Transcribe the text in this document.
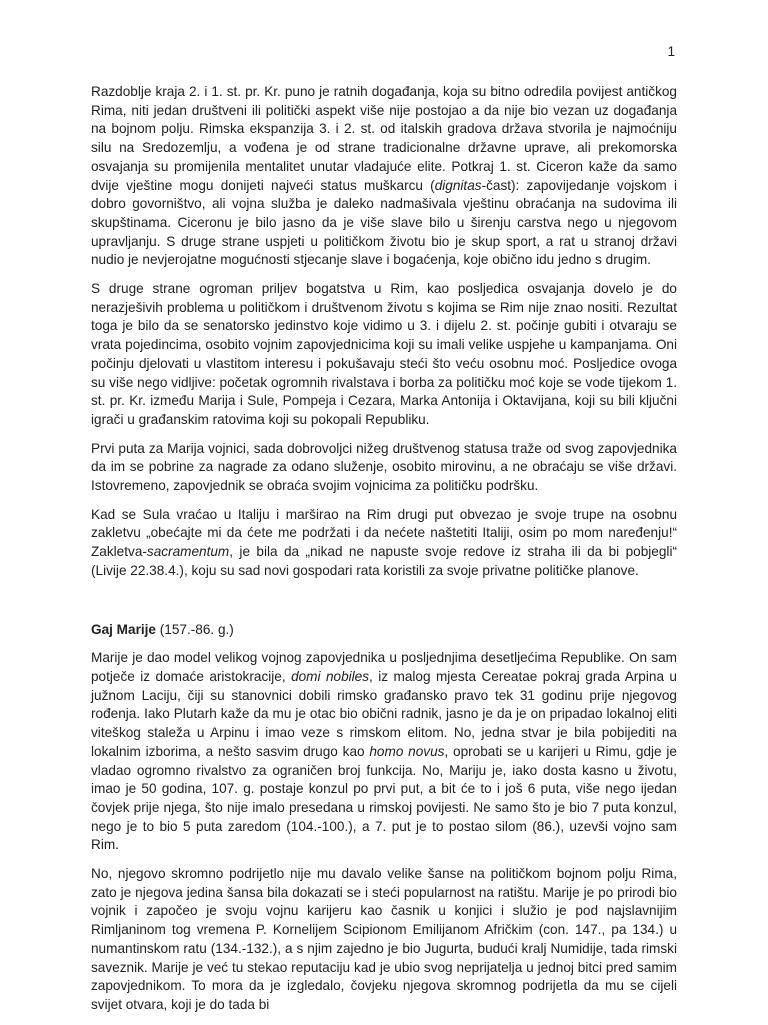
1

Razdoblje kraja 2. i 1. st. pr. Kr. puno je ratnih događanja, koja su bitno odredila povijest antičkog Rima, niti jedan društveni ili politički aspekt više nije postojao a da nije bio vezan uz događanja na bojnom polju. Rimska ekspanzija 3. i 2. st. od italskih gradova država stvorila je najmoćniju silu na Sredozemlju, a vođena je od strane tradicionalne državne uprave, ali prekomorska osvajanja su promijenila mentalitet unutar vladajuće elite. Potkraj 1. st. Ciceron kaže da samo dvije vještine mogu donijeti najveći status muškarcu (dignitas-čast): zapovijedanje vojskom i dobro govorništvo, ali vojna služba je daleko nadmašivala vještinu obraćanja na sudovima ili skupštinama. Ciceronu je bilo jasno da je više slave bilo u širenju carstva nego u njegovom upravljanju. S druge strane uspjeti u političkom životu bio je skup sport, a rat u stranoj državi nudio je nevjerojatne mogućnosti stjecanje slave i bogaćenja, koje obično idu jedno s drugim.

S druge strane ogroman priljev bogatstva u Rim, kao posljedica osvajanja dovelo je do nerazješivih problema u političkom i društvenom životu s kojima se Rim nije znao nositi. Rezultat toga je bilo da se senatorsko jedinstvo koje vidimo u 3. i dijelu 2. st. počinje gubiti i otvaraju se vrata pojedincima, osobito vojnim zapovjednicima koji su imali velike uspjehe u kampanjama. Oni počinju djelovati u vlastitom interesu i pokušavaju steći što veću osobnu moć. Posljedice ovoga su više nego vidljive: početak ogromnih rivalstava i borba za političku moć koje se vode tijekom 1. st. pr. Kr. između Marija i Sule, Pompeja i Cezara, Marka Antonija i Oktavijana, koji su bili ključni igrači u građanskim ratovima koji su pokopali Republiku.

Prvi puta za Marija vojnici, sada dobrovoljci nižeg društvenog statusa traže od svog zapovjednika da im se pobrine za nagrade za odano služenje, osobito mirovinu, a ne obraćaju se više državi. Istovremeno, zapovjednik se obraća svojim vojnicima za političku podršku.

Kad se Sula vraćao u Italiju i marširao na Rim drugi put obvezao je svoje trupe na osobnu zakletvu „obećajte mi da ćete me podržati i da nećete naštetiti Italiji, osim po mom naređenju!“ Zakletva-sacramentum, je bila da „nikad ne napuste svoje redove iz straha ili da bi pobjegli“ (Livije 22.38.4.), koju su sad novi gospodari rata koristili za svoje privatne političke planove.

Gaj Marije (157.-86. g.)

Marije je dao model velikog vojnog zapovjednika u posljednjima desetljećima Republike. On sam potječe iz domaće aristokracije, domi nobiles, iz malog mjesta Cereatae pokraj grada Arpina u južnom Laciju, čiji su stanovnici dobili rimsko građansko pravo tek 31 godinu prije njegovog rođenja. Iako Plutarh kaže da mu je otac bio obični radnik, jasno je da je on pripadao lokalnoj eliti viteškog staleža u Arpinu i imao veze s rimskom elitom. No, jedna stvar je bila pobijediti na lokalnim izborima, a nešto sasvim drugo kao homo novus, oprobati se u karijeri u Rimu, gdje je vladao ogromno rivalstvo za ograničen broj funkcija. No, Mariju je, iako dosta kasno u životu, imao je 50 godina, 107. g. postaje konzul po prvi put, a bit će to i još 6 puta, više nego ijedan čovjek prije njega, što nije imalo presedana u rimskoj povijesti. Ne samo što je bio 7 puta konzul, nego je to bio 5 puta zaredom (104.-100.), a 7. put je to postao silom (86.), uzevši vojno sam Rim.

No, njegovo skromno podrijetlo nije mu davalo velike šanse na političkom bojnom polju Rima, zato je njegova jedina šansa bila dokazati se i steći popularnost na ratištu. Marije je po prirodi bio vojnik i započeo je svoju vojnu karijeru kao časnik u konjici i služio je pod najslavnijim Rimljaninom tog vremena P. Kornelijem Scipionom Emilijanom Afričkim (con. 147., pa 134.) u numantinskom ratu (134.-132.), a s njim zajedno je bio Jugurta, budući kralj Numidije, tada rimski saveznik. Marije je već tu stekao reputaciju kad je ubio svog neprijatelja u jednoj bitci pred samim zapovjednikom. To mora da je izgledalo, čovjeku njegova skromnog podrijetla da mu se cijeli svijet otvara, koji je do tada bi
